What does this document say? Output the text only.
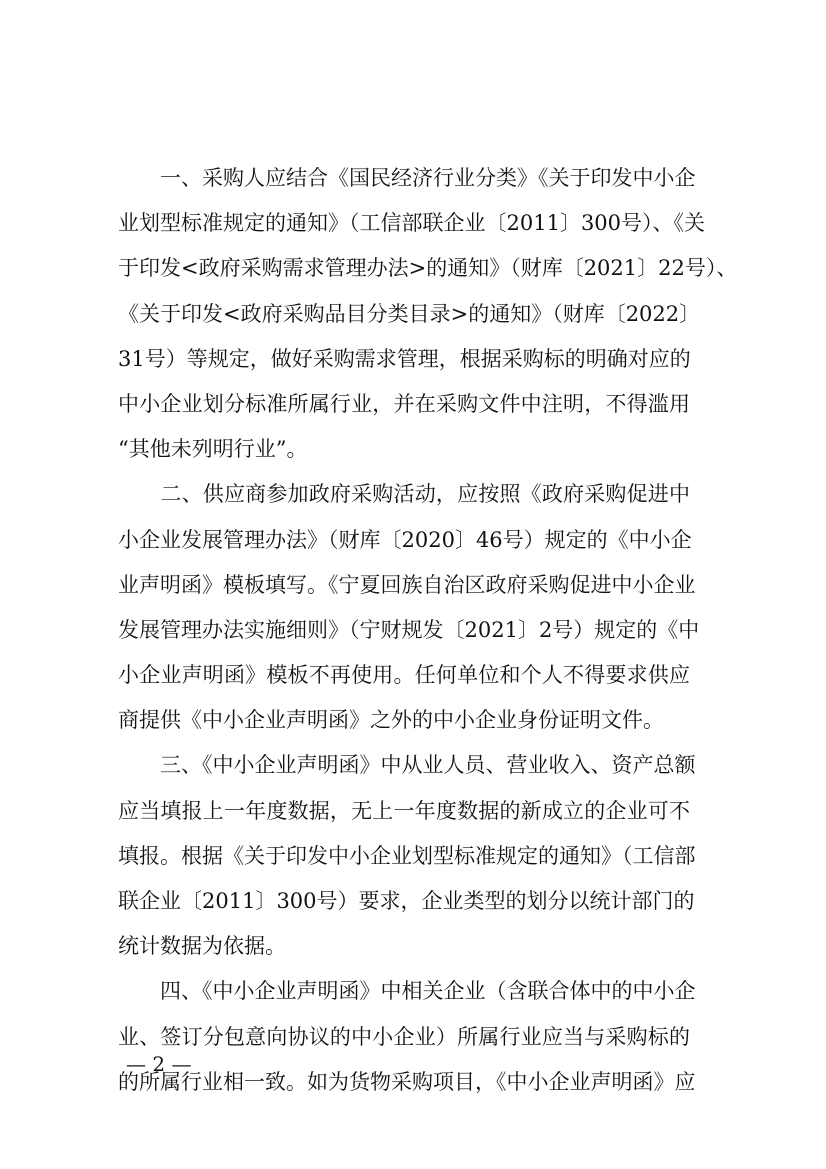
　　一、采购人应结合《国民经济行业分类》《关于印发中小企
业划型标准规定的通知》（工信部联企业〔2011〕300号）、《关
于印发<政府采购需求管理办法>的通知》（财库〔2021〕22号）、
《关于印发<政府采购品目分类目录>的通知》（财库〔2022〕
31号）等规定，做好采购需求管理，根据采购标的明确对应的
中小企业划分标准所属行业，并在采购文件中注明，不得滥用
“其他未列明行业”。
　　二、供应商参加政府采购活动，应按照《政府采购促进中
小企业发展管理办法》（财库〔2020〕46号）规定的《中小企
业声明函》模板填写。《宁夏回族自治区政府采购促进中小企业
发展管理办法实施细则》（宁财规发〔2021〕2号）规定的《中
小企业声明函》模板不再使用。任何单位和个人不得要求供应
商提供《中小企业声明函》之外的中小企业身份证明文件。
　　三、《中小企业声明函》中从业人员、营业收入、资产总额
应当填报上一年度数据，无上一年度数据的新成立的企业可不
填报。根据《关于印发中小企业划型标准规定的通知》（工信部
联企业〔2011〕300号）要求，企业类型的划分以统计部门的
统计数据为依据。
　　四、《中小企业声明函》中相关企业（含联合体中的中小企
业、签订分包意向协议的中小企业）所属行业应当与采购标的
的所属行业相一致。如为货物采购项目，《中小企业声明函》应
— 2 —
